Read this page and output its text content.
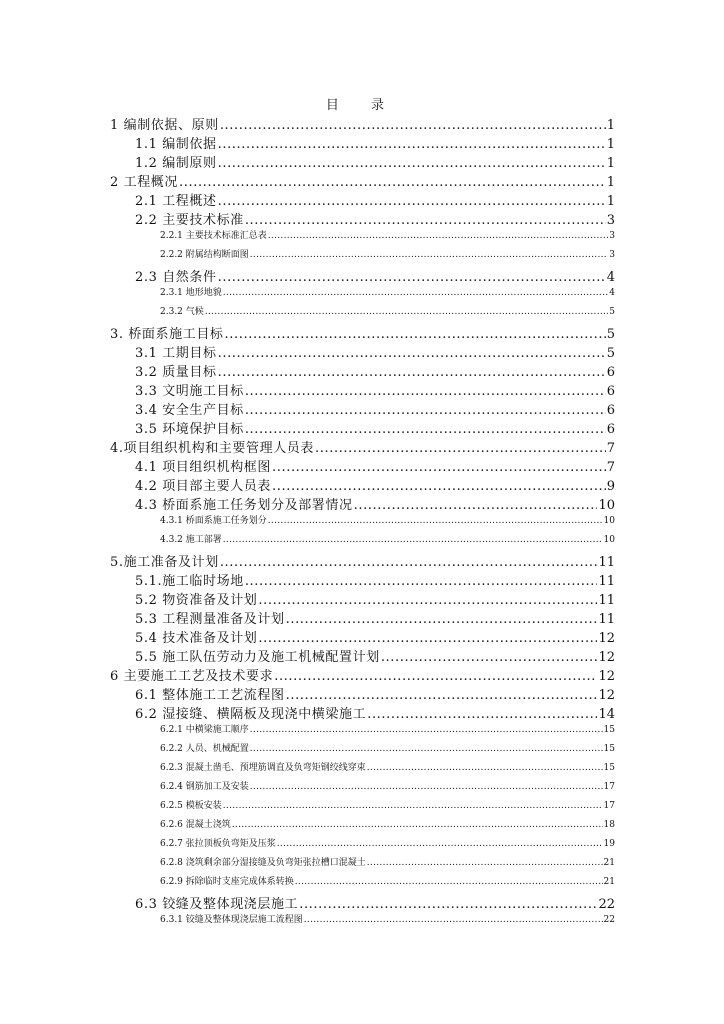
目 录
1 编制依据、原则 .....	1
1.1 编制依据 .....	1
1.2 编制原则 .....	1
2 工程概况 .....	1
2.1 工程概述 .....	1
2.2 主要技术标准 .....	3
2.2.1 主要技术标准汇总表 .....	3
2.2.2 附属结构断面图 .....	3
2.3 自然条件 .....	4
2.3.1 地形地貌 .....	4
2.3.2 气候 .....	5
3. 桥面系施工目标 .....	5
3.1 工期目标 .....	5
3.2 质量目标 .....	6
3.3 文明施工目标 .....	6
3.4 安全生产目标 .....	6
3.5 环境保护目标 .....	6
4.项目组织机构和主要管理人员表 .....	7
4.1 项目组织机构框图 .....	7
4.2 项目部主要人员表 .....	9
4.3 桥面系施工任务划分及部署情况 .....	10
4.3.1 桥面系施工任务划分 .....	10
4.3.2 施工部署 .....	10
5.施工准备及计划 .....	11
5.1.施工临时场地 .....	11
5.2 物资准备及计划 .....	11
5.3 工程测量准备及计划 .....	11
5.4 技术准备及计划 .....	12
5.5 施工队伍劳动力及施工机械配置计划 .....	12
6 主要施工工艺及技术要求 .....	12
6.1 整体施工工艺流程图 .....	12
6.2 湿接缝、横隔板及现浇中横梁施工 .....	14
6.2.1 中横梁施工顺序 .....	15
6.2.2 人员、机械配置 .....	15
6.2.3 混凝土凿毛、预埋筋调直及负弯矩钢绞线穿束 .....	15
6.2.4 钢筋加工及安装 .....	17
6.2.5 模板安装 .....	17
6.2.6 混凝土浇筑 .....	18
6.2.7 张拉顶板负弯矩及压浆 .....	19
6.2.8 浇筑剩余部分湿接缝及负弯矩张拉槽口混凝土 .....	21
6.2.9 拆除临时支座完成体系转换 .....	21
6.3 铰缝及整体现浇层施工 .....	22
6.3.1 铰缝及整体现浇层施工流程图 .....	22
